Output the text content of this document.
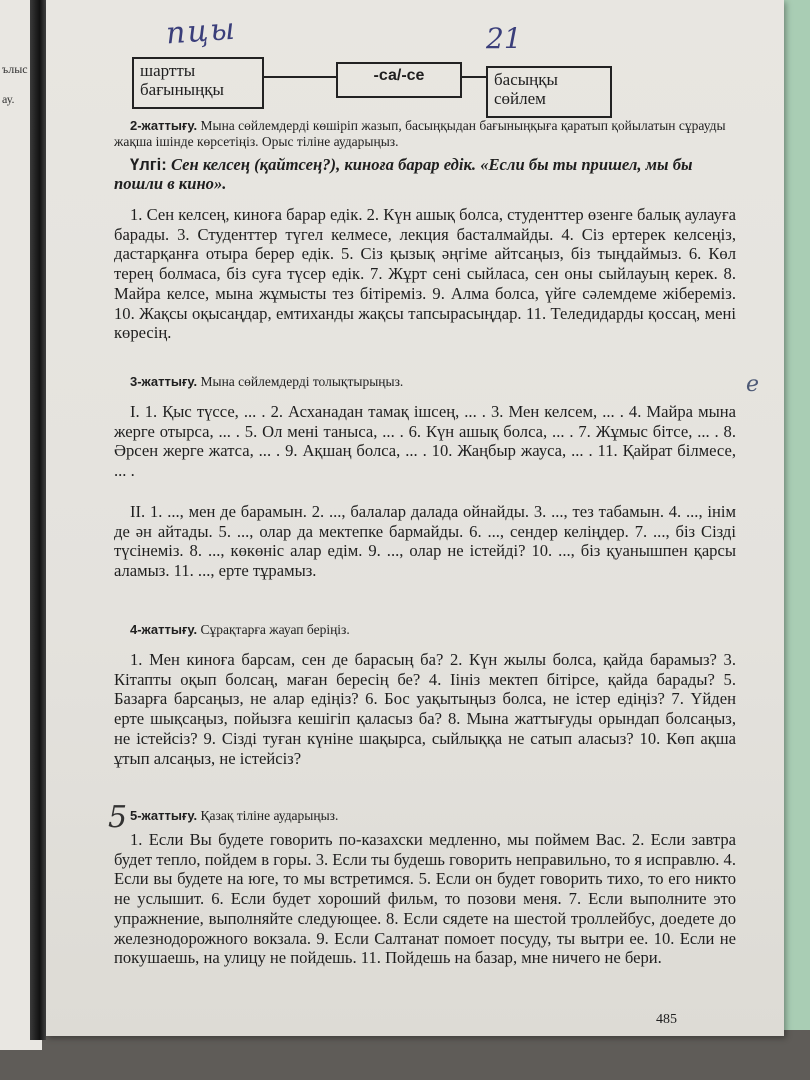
ълыс
ау.
пцы	21
е
5
шартты бағыныңқы
-са/-се	басыңқы сөйлем
2-жаттығу. Мына сөйлемдерді көшіріп жазып, басыңқыдан бағыныңқыға қаратып қойылатын сұрауды жақша ішінде көрсетіңіз. Орыс тіліне аударыңыз.
Үлгі: Сен келсең (қайтсең?), киноға барар едік. «Если бы ты пришел, мы бы пошли в кино».
1. Сен келсең, киноға барар едік. 2. Күн ашық болса, студенттер өзенге балық аулауға барады. 3. Студенттер түгел келмесе, лекция басталмайды. 4. Сіз ертерек келсеңіз, дастарқанға отыра берер едік. 5. Сіз қызық әңгіме айтсаңыз, біз тыңдаймыз. 6. Көл терең болмаса, біз суға түсер едік. 7. Жұрт сені сыйласа, сен оны сыйлауың керек. 8. Майра келсе, мына жұмысты тез бітіреміз. 9. Алма болса, үйге сәлемдеме жібереміз. 10. Жақсы оқысаңдар, емтиханды жақсы тапсырасыңдар. 11. Теледидарды қоссаң, мені көресің.
3-жаттығу. Мына сөйлемдерді толықтырыңыз.
I. 1. Қыс түссе, ... . 2. Асханадан тамақ ішсең, ... . 3. Мен келсем, ... . 4. Майра мына жерге отырса, ... . 5. Ол мені таныса, ... . 6. Күн ашық болса, ... . 7. Жұмыс бітсе, ... . 8. Әрсен жерге жатса, ... . 9. Ақшаң болса, ... . 10. Жаңбыр жауса, ... . 11. Қайрат білмесе, ... .
II. 1. ..., мен де барамын. 2. ..., балалар далада ойнайды. 3. ..., тез табамын. 4. ..., інім де ән айтады. 5. ..., олар да мектепке бармайды. 6. ..., сендер келіңдер. 7. ..., біз Сізді түсінеміз. 8. ..., көкөніс алар едім. 9. ..., олар не істейді? 10. ..., біз қуанышпен қарсы аламыз. 11. ..., ерте тұрамыз.
4-жаттығу. Сұрақтарға жауап беріңіз.
1. Мен киноға барсам, сен де барасың ба? 2. Күн жылы болса, қайда барамыз? 3. Кітапты оқып болсаң, маған бересің бе? 4. Іініз мектеп бітірсе, қайда барады? 5. Базарға барсаңыз, не алар едіңіз? 6. Бос уақытыңыз болса, не істер едіңіз? 7. Үйден ерте шықсаңыз, пойызға кешігіп қаласыз ба? 8. Мына жаттығуды орындап болсаңыз, не істейсіз? 9. Сізді туған күніне шақырса, сыйлыққа не сатып аласыз? 10. Көп ақша ұтып алсаңыз, не істейсіз?
5-жаттығу. Қазақ тіліне аударыңыз.
1. Если Вы будете говорить по-казахски медленно, мы поймем Вас. 2. Если завтра будет тепло, пойдем в горы. 3. Если ты будешь говорить неправильно, то я исправлю. 4. Если вы будете на юге, то мы встретимся. 5. Если он будет говорить тихо, то его никто не услышит. 6. Если будет хороший фильм, то позови меня. 7. Если выполните это упражнение, выполняйте следующее. 8. Если сядете на шестой троллейбус, доедете до железнодорожного вокзала. 9. Если Салтанат помоет посуду, ты вытри ее. 10. Если не покушаешь, на улицу не пойдешь. 11. Пойдешь на базар, мне ничего не бери.
485
